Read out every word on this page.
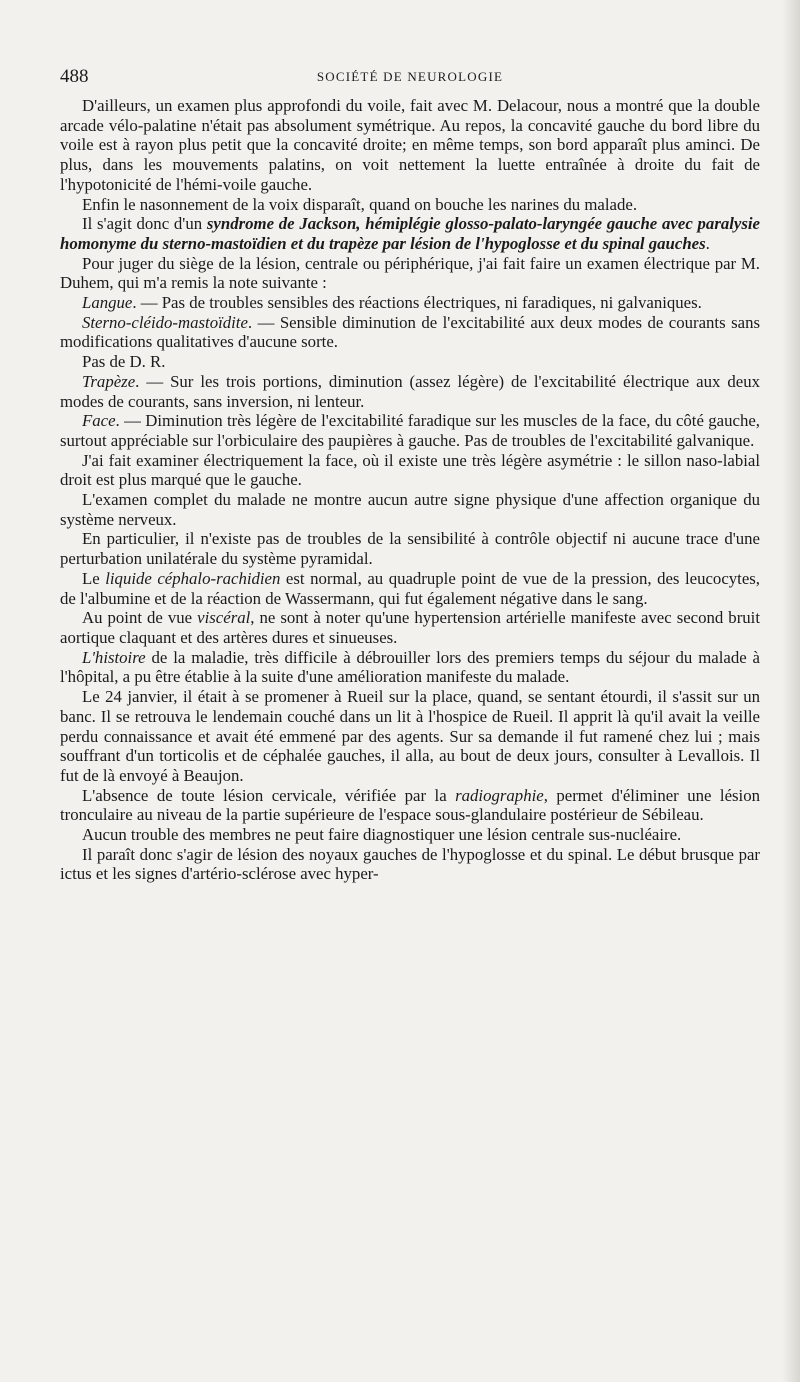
488	SOCIÉTÉ DE NEUROLOGIE

D'ailleurs, un examen plus approfondi du voile, fait avec M. Delacour, nous a montré que la double arcade vélo-palatine n'était pas absolument symétrique. Au repos, la concavité gauche du bord libre du voile est à rayon plus petit que la concavité droite; en même temps, son bord apparaît plus aminci. De plus, dans les mouvements palatins, on voit nettement la luette entraînée à droite du fait de l'hypotonicité de l'hémi-voile gauche.

Enfin le nasonnement de la voix disparaît, quand on bouche les narines du malade.

Il s'agit donc d'un syndrome de Jackson, hémiplégie glosso-palato-laryngée gauche avec paralysie homonyme du sterno-mastoïdien et du trapèze par lésion de l'hypoglosse et du spinal gauches.

Pour juger du siège de la lésion, centrale ou périphérique, j'ai fait faire un examen électrique par M. Duhem, qui m'a remis la note suivante :

Langue. — Pas de troubles sensibles des réactions électriques, ni faradiques, ni galvaniques.

Sterno-cléido-mastoïdite. — Sensible diminution de l'excitabilité aux deux modes de courants sans modifications qualitatives d'aucune sorte.

Pas de D. R.

Trapèze. — Sur les trois portions, diminution (assez légère) de l'excitabilité électrique aux deux modes de courants, sans inversion, ni lenteur.

Face. — Diminution très légère de l'excitabilité faradique sur les muscles de la face, du côté gauche, surtout appréciable sur l'orbiculaire des paupières à gauche. Pas de troubles de l'excitabilité galvanique.

J'ai fait examiner électriquement la face, où il existe une très légère asymétrie : le sillon naso-labial droit est plus marqué que le gauche.

L'examen complet du malade ne montre aucun autre signe physique d'une affection organique du système nerveux.

En particulier, il n'existe pas de troubles de la sensibilité à contrôle objectif ni aucune trace d'une perturbation unilatérale du système pyramidal.

Le liquide céphalo-rachidien est normal, au quadruple point de vue de la pression, des leucocytes, de l'albumine et de la réaction de Wassermann, qui fut également négative dans le sang.

Au point de vue viscéral, ne sont à noter qu'une hypertension artérielle manifeste avec second bruit aortique claquant et des artères dures et sinueuses.

L'histoire de la maladie, très difficile à débrouiller lors des premiers temps du séjour du malade à l'hôpital, a pu être établie à la suite d'une amélioration manifeste du malade.

Le 24 janvier, il était à se promener à Rueil sur la place, quand, se sentant étourdi, il s'assit sur un banc. Il se retrouva le lendemain couché dans un lit à l'hospice de Rueil. Il apprit là qu'il avait la veille perdu connaissance et avait été emmené par des agents. Sur sa demande il fut ramené chez lui ; mais souffrant d'un torticolis et de céphalée gauches, il alla, au bout de deux jours, consulter à Levallois. Il fut de là envoyé à Beaujon.

L'absence de toute lésion cervicale, vérifiée par la radiographie, permet d'éliminer une lésion tronculaire au niveau de la partie supérieure de l'espace sous-glandulaire postérieur de Sébileau.

Aucun trouble des membres ne peut faire diagnostiquer une lésion centrale sus-nucléaire.

Il paraît donc s'agir de lésion des noyaux gauches de l'hypoglosse et du spinal. Le début brusque par ictus et les signes d'artério-sclérose avec hyper-
